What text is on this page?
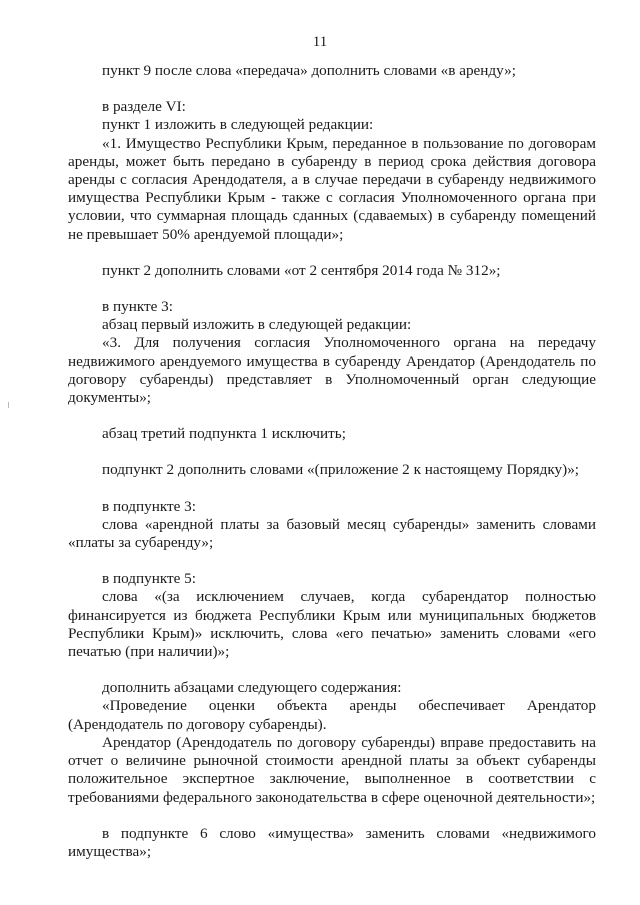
11

пункт 9 после слова «передача» дополнить словами «в аренду»;

в разделе VI:

пункт 1 изложить в следующей редакции:

«1. Имущество Республики Крым, переданное в пользование по договорам аренды, может быть передано в субаренду в период срока действия договора аренды с согласия Арендодателя, а в случае передачи в субаренду недвижимого имущества Республики Крым - также с согласия Уполномоченного органа при условии, что суммарная площадь сданных (сдаваемых) в субаренду помещений не превышает 50% арендуемой площади»;

пункт 2 дополнить словами «от 2 сентября 2014 года № 312»;

в пункте 3:

абзац первый изложить в следующей редакции:

«3. Для получения согласия Уполномоченного органа на передачу недвижимого арендуемого имущества в субаренду Арендатор (Арендодатель по договору субаренды) представляет в Уполномоченный орган следующие документы»;

абзац третий подпункта 1 исключить;

подпункт 2 дополнить словами «(приложение 2 к настоящему Порядку)»;

в подпункте 3:

слова «арендной платы за базовый месяц субаренды» заменить словами «платы за субаренду»;

в подпункте 5:

слова «(за исключением случаев, когда субарендатор полностью финансируется из бюджета Республики Крым или муниципальных бюджетов Республики Крым)» исключить, слова «его печатью» заменить словами «его печатью (при наличии)»;

дополнить абзацами следующего содержания:

«Проведение оценки объекта аренды обеспечивает Арендатор (Арендодатель по договору субаренды).

Арендатор (Арендодатель по договору субаренды) вправе предоставить на отчет о величине рыночной стоимости арендной платы за объект субаренды положительное экспертное заключение, выполненное в соответствии с требованиями федерального законодательства в сфере оценочной деятельности»;

в подпункте 6 слово «имущества» заменить словами «недвижимого имущества»;
